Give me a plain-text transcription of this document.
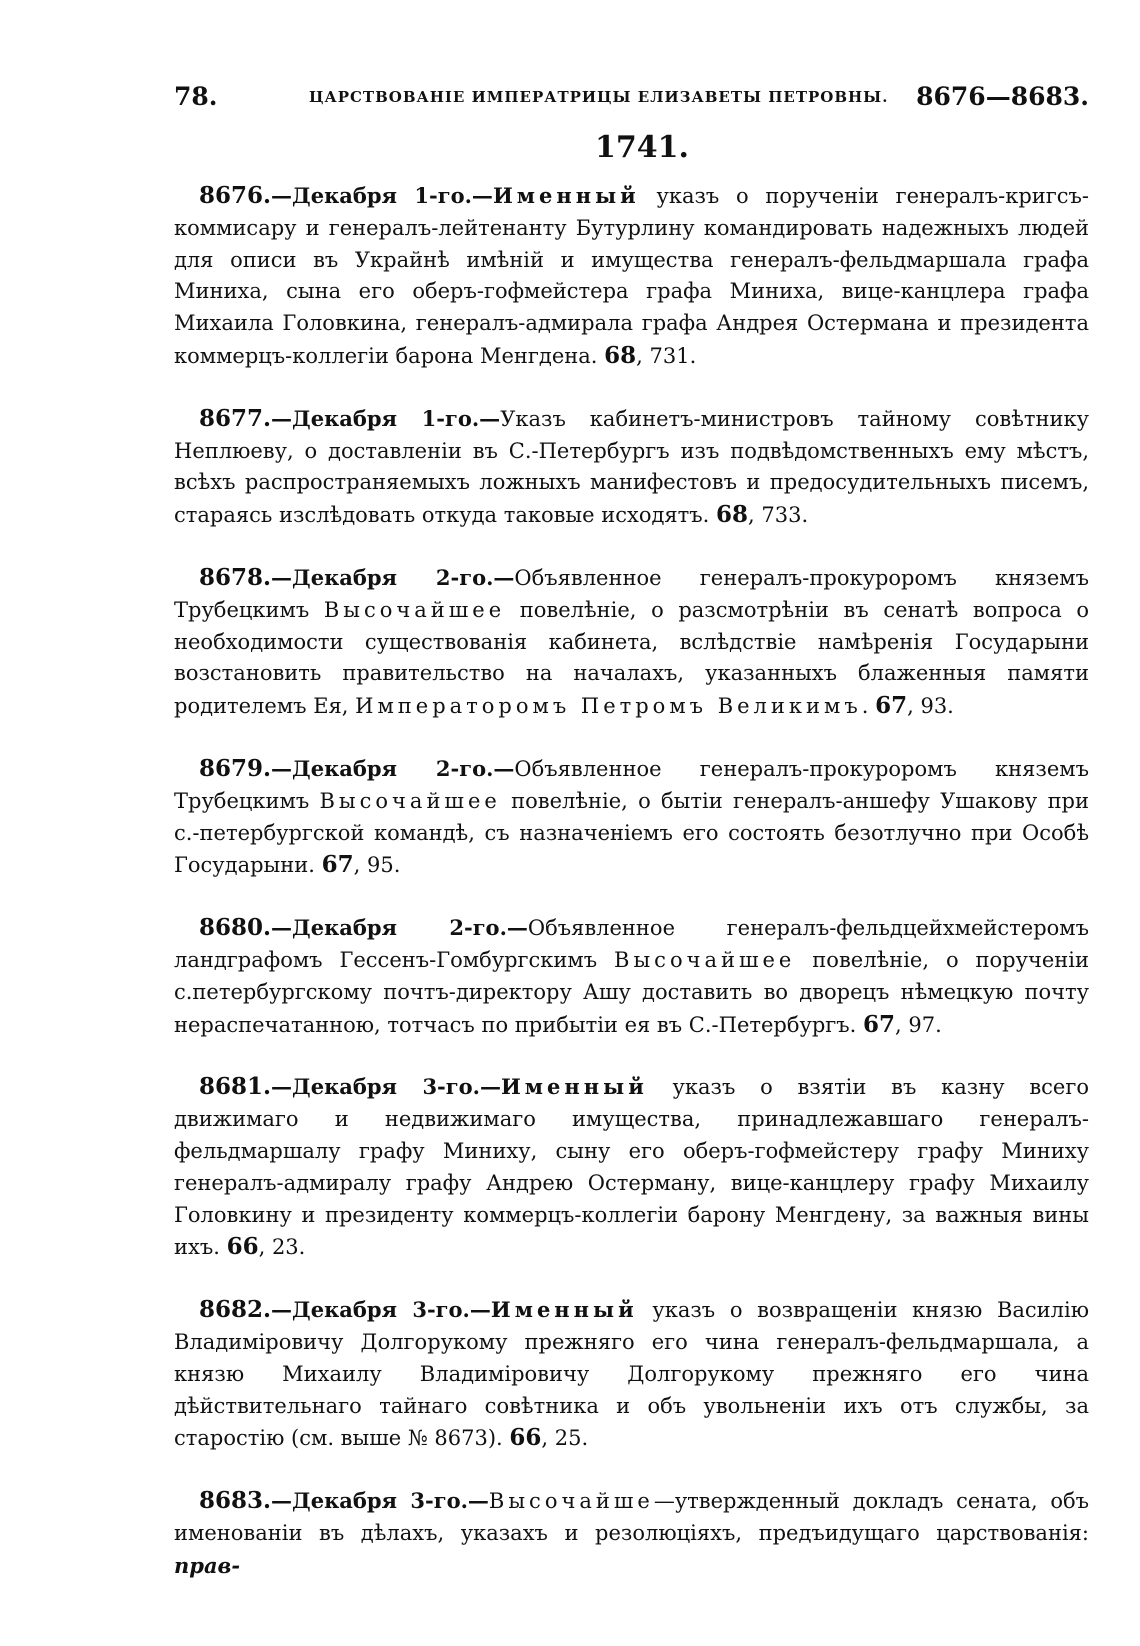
78.	ЦАРСТВОВАНІЕ ИМПЕРАТРИЦЫ ЕЛИЗАВЕТЫ ПЕТРОВНЫ. 8676—8683.
1741.

8676.—Декабря 1-го.—Именный указъ о порученіи генералъ-кригсъ-коммисару и генералъ-лейтенанту Бутурлину командировать надежныхъ людей для описи въ Украйнѣ имѣній и имущества генералъ-фельдмаршала графа Миниха, сына его оберъ-гофмейстера графа Миниха, вице-канцлера графа Михаила Головкина, генералъ-адмирала графа Андрея Остермана и президента коммерцъ-коллегіи барона Менгдена. 68, 731.

8677.—Декабря 1-го.—Указъ кабинетъ-министровъ тайному совѣтнику Неплюеву, о доставленіи въ С.-Петербургъ изъ подвѣдомственныхъ ему мѣстъ, всѣхъ распространяемыхъ ложныхъ манифестовъ и предосудительныхъ писемъ, стараясь изслѣдовать откуда таковые исходятъ. 68, 733.

8678.—Декабря 2-го.—Объявленное генералъ-прокуроромъ княземъ Трубецкимъ Высочайшее повелѣніе, о разсмотрѣніи въ сенатѣ вопроса о необходимости существованія кабинета, вслѣдствіе намѣренія Государыни возстановить правительство на началахъ, указанныхъ блаженныя памяти родителемъ Ея, Императоромъ Петромъ Великимъ. 67, 93.

8679.—Декабря 2-го.—Объявленное генералъ-прокуроромъ княземъ Трубецкимъ Высочайшее повелѣніе, о бытіи генералъ-аншефу Ушакову при с.-петербургской командѣ, съ назначеніемъ его состоять безотлучно при Особѣ Государыни. 67, 95.

8680.—Декабря 2-го.—Объявленное генералъ-фельдцейхмейстеромъ ландграфомъ Гессенъ-Гомбургскимъ Высочайшее повелѣніе, о порученіи с.петербургскому почтъ-директору Ашу доставить во дворецъ нѣмецкую почту нераспечатанною, тотчасъ по прибытіи ея въ С.-Петербургъ. 67, 97.

8681.—Декабря 3-го.—Именный указъ о взятіи въ казну всего движимаго и недвижимаго имущества, принадлежавшаго генералъ-фельдмаршалу графу Миниху, сыну его оберъ-гофмейстеру графу Миниху генералъ-адмиралу графу Андрею Остерману, вице-канцлеру графу Михаилу Головкину и президенту коммерцъ-коллегіи барону Менгдену, за важныя вины ихъ. 66, 23.

8682.—Декабря 3-го.—Именный указъ о возвращеніи князю Василію Владиміровичу Долгорукому прежняго его чина генералъ-фельдмаршала, а князю Михаилу Владиміровичу Долгорукому прежняго его чина дѣйствительнаго тайнаго совѣтника и объ увольненіи ихъ отъ службы, за старостію (см. выше № 8673). 66, 25.

8683.—Декабря 3-го.—Высочайше—утвержденный докладъ сената, объ именованіи въ дѣлахъ, указахъ и резолюціяхъ, предъидущаго царствованія: прав-
